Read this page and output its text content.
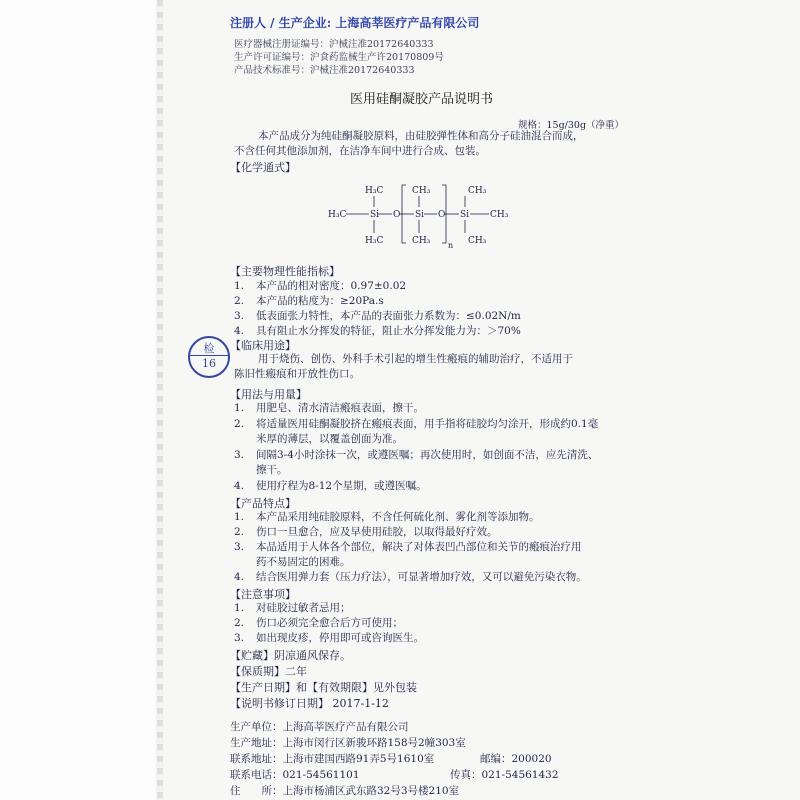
注册人 / 生产企业: 上海高莘医疗产品有限公司
医疗器械注册证编号：沪械注准20172640333
生产许可证编号：沪食药监械生产许20170809号
产品技术标准号：沪械注准20172640333
医用硅酮凝胶产品说明书
规格：15g/30g（净重）
本产品成分为纯硅酮凝胶原料，由硅胶弹性体和高分子硅油混合而成，
不含任何其他添加剂，在洁净车间中进行合成、包装。
【化学通式】
H₃C
H₃C
H₃C
Si O
CH₃
Si
CH₃
O
CH₃
Si CH₃
CH₃
n
【主要物理性能指标】
1. 本产品的相对密度：0.97±0.02
2. 本产品的粘度为：≥20Pa.s
3. 低表面张力特性，本产品的表面张力系数为：≤0.02N/m
4. 具有阻止水分挥发的特征，阻止水分挥发能力为：＞70%
检
16
【临床用途】
用于烧伤、创伤、外科手术引起的增生性瘢痕的辅助治疗，不适用于
陈旧性瘢痕和开放性伤口。
【用法与用量】
1. 用肥皂、清水清洁瘢痕表面，擦干。
2. 将适量医用硅酮凝胶挤在瘢痕表面，用手指将硅胶均匀涂开，形成约0.1毫
米厚的薄层，以覆盖创面为准。
3. 间隔3-4小时涂抹一次，或遵医嘱；再次使用时，如创面不洁，应先清洗、
擦干。
4. 使用疗程为8-12个星期，或遵医嘱。
【产品特点】
1. 本产品采用纯硅胶原料，不含任何硫化剂、雾化剂等添加物。
2. 伤口一旦愈合，应及早使用硅胶，以取得最好疗效。
3. 本品适用于人体各个部位，解决了对体表凹凸部位和关节的瘢痕治疗用
药不易固定的困难。
4. 结合医用弹力套（压力疗法），可显著增加疗效，又可以避免污染衣物。
【注意事项】
1. 对硅胶过敏者忌用；
2. 伤口必须完全愈合后方可使用；
3. 如出现皮疹，停用即可或咨询医生。
【贮藏】阴凉通风保存。
【保质期】二年
【生产日期】和【有效期限】见外包装
【说明书修订日期】 2017-1-12
生产单位：上海高莘医疗产品有限公司
生产地址：上海市闵行区新骏环路158号2幢303室
联系地址：上海市建国西路91弄5号1610室	邮编：200020
联系电话：021-54561101	传真：021-54561432
住　　所：上海市杨浦区武东路32号3号楼210室
